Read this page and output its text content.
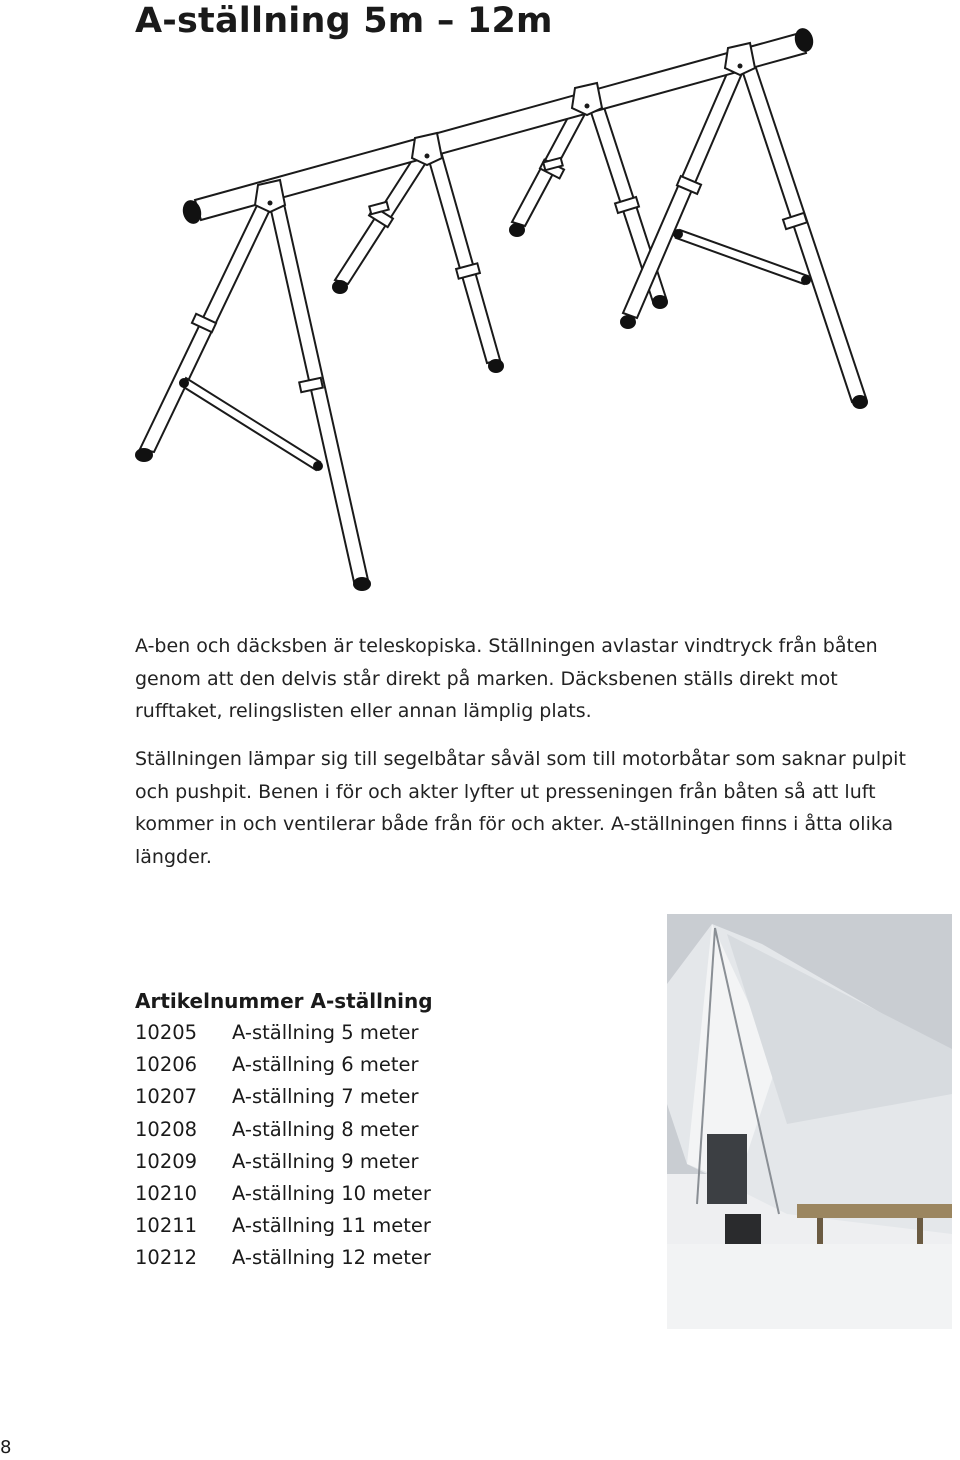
A-ställning 5m – 12m

A-ben och däcksben är teleskopiska. Ställningen avlastar vindtryck från båten genom att den delvis står direkt på marken. Däcksbenen ställs direkt mot rufftaket, relingslisten eller annan lämplig plats.

Ställningen lämpar sig till segelbåtar såväl som till motorbåtar som saknar pulpit och pushpit. Benen i för och akter lyfter ut presseningen från båten så att luft kommer in och ventilerar både från för och akter. A-ställningen finns i åtta olika längder.

Artikelnummer A-ställning

10205	A-ställning 5 meter
10206	A-ställning 6 meter
10207	A-ställning 7 meter
10208	A-ställning 8 meter
10209	A-ställning 9 meter
10210	A-ställning 10 meter
10211	A-ställning 11 meter
10212	A-ställning 12 meter
8
